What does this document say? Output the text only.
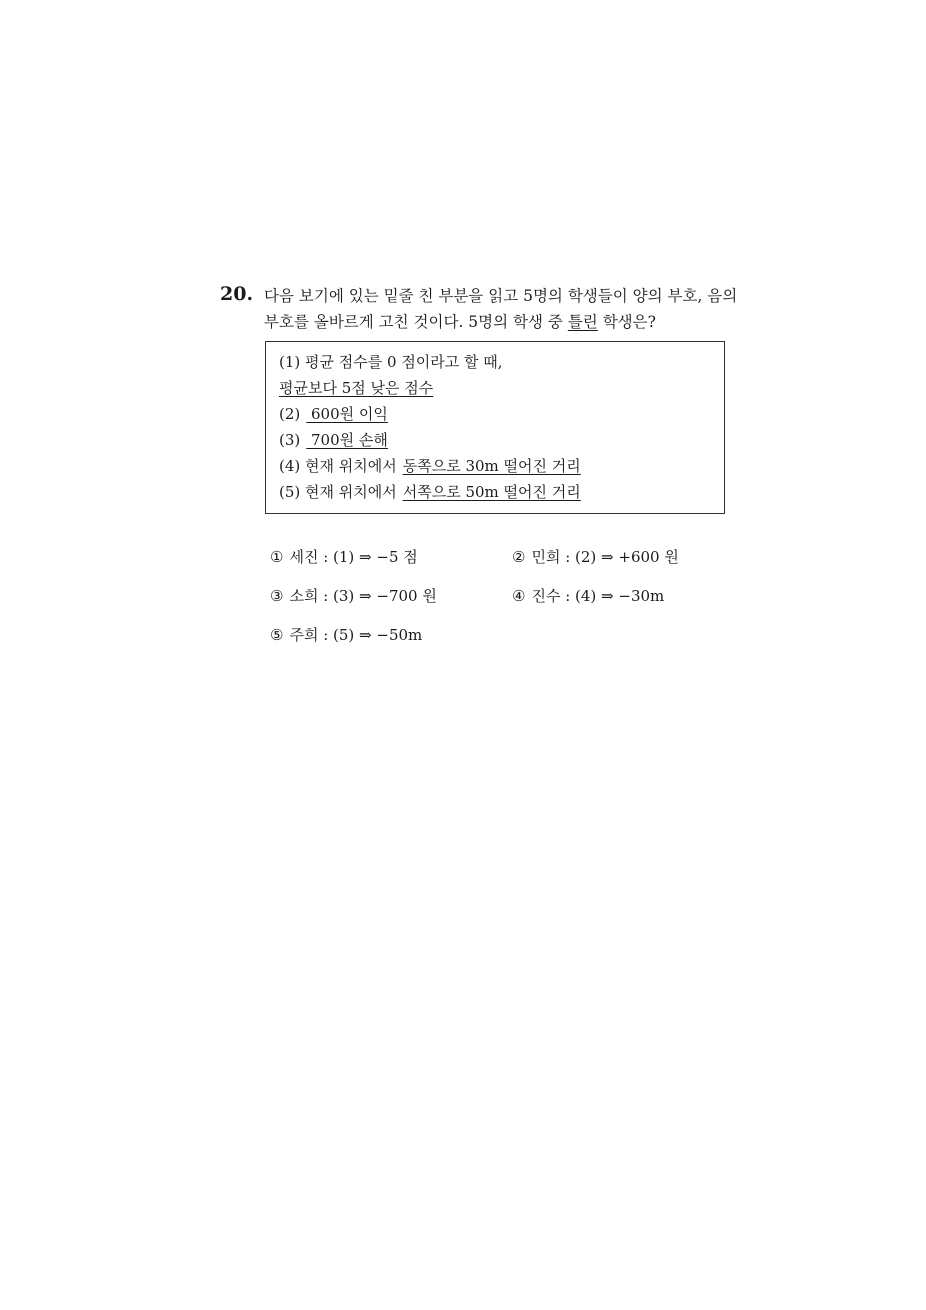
20. 다음 보기에 있는 밑줄 친 부분을 읽고 5명의 학생들이 양의 부호, 음의
부호를 올바르게 고친 것이다. 5명의 학생 중 틀린 학생은?
(1) 평균 점수를 0 점이라고 할 때,
평균보다 5점 낮은 점수
(2) 600원 이익
(3) 700원 손해
(4) 현재 위치에서 동쪽으로 30m 떨어진 거리
(5) 현재 위치에서 서쪽으로 50m 떨어진 거리
① 세진 : (1) ⇒ −5 점	② 민희 : (2) ⇒ +600 원
③ 소희 : (3) ⇒ −700 원	④ 진수 : (4) ⇒ −30m
⑤ 주희 : (5) ⇒ −50m
